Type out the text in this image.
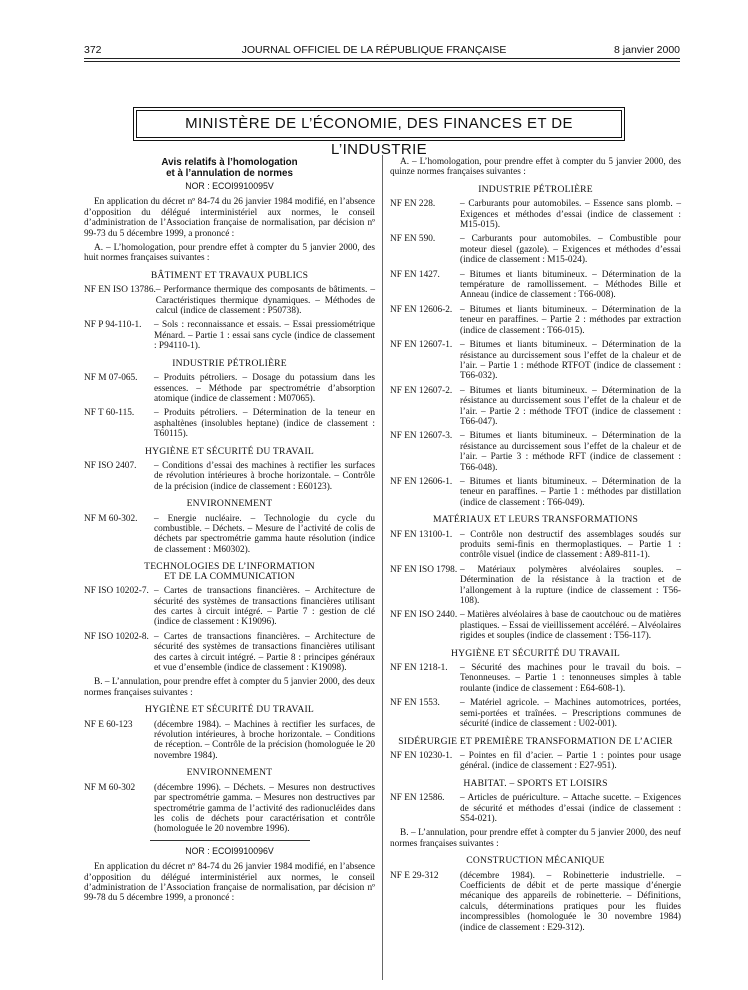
372	JOURNAL OFFICIEL DE LA RÉPUBLIQUE FRANÇAISE	8 janvier 2000
MINISTÈRE DE L’ÉCONOMIE, DES FINANCES ET DE L’INDUSTRIE
Avis relatifs à l’homologation
et à l’annulation de normes
NOR : ECOI9910095V

En application du décret nº 84-74 du 26 janvier 1984 modifié, en l’absence d’opposition du délégué interministériel aux normes, le conseil d’administration de l’Association française de normalisation, par décision nº 99-73 du 5 décembre 1999, a prononcé :

A. – L’homologation, pour prendre effet à compter du 5 janvier 2000, des huit normes françaises suivantes :

BÂTIMENT ET TRAVAUX PUBLICS
NF EN ISO 13786. – Performance thermique des composants de bâtiments. – Caractéristiques thermique dynamiques. – Méthodes de calcul (indice de classement : P50738).
NF P 94-110-1.	– Sols : reconnaissance et essais. – Essai pressiométrique Ménard. – Partie 1 : essai sans cycle (indice de classement : P94110-1).
INDUSTRIE PÉTROLIÈRE
NF M 07-065.	– Produits pétroliers. – Dosage du potassium dans les essences. – Méthode par spectrométrie d’absorption atomique (indice de classement : M07065).
NF T 60-115.	– Produits pétroliers. – Détermination de la teneur en asphaltènes (insolubles heptane) (indice de classement : T60115).
HYGIÈNE ET SÉCURITÉ DU TRAVAIL
NF ISO 2407.	– Conditions d’essai des machines à rectifier les surfaces de révolution intérieures à broche horizontale. – Contrôle de la précision (indice de classement : E60123).
ENVIRONNEMENT
NF M 60-302.	– Energie nucléaire. – Technologie du cycle du combustible. – Déchets. – Mesure de l’activité de colis de déchets par spectrométrie gamma haute résolution (indice de classement : M60302).
TECHNOLOGIES DE L’INFORMATION
ET DE LA COMMUNICATION
NF ISO 10202-7. – Cartes de transactions financières. – Architecture de sécurité des systèmes de transactions financières utilisant des cartes à circuit intégré. – Partie 7 : gestion de clé (indice de classement : K19096).
NF ISO 10202-8. – Cartes de transactions financières. – Architecture de sécurité des systèmes de transactions financières utilisant des cartes à circuit intégré. – Partie 8 : principes généraux et vue d’ensemble (indice de classement : K19098).

B. – L’annulation, pour prendre effet à compter du 5 janvier 2000, des deux normes françaises suivantes :

HYGIÈNE ET SÉCURITÉ DU TRAVAIL
NF E 60-123	(décembre 1984). – Machines à rectifier les surfaces, de révolution intérieures, à broche horizontale. – Conditions de réception. – Contrôle de la précision (homologuée le 20 novembre 1984).
ENVIRONNEMENT
NF M 60-302	(décembre 1996). – Déchets. – Mesures non destructives par spectrométrie gamma. – Mesures non destructives par spectrométrie gamma de l’activité des radionucléides dans les colis de déchets pour caractérisation et contrôle (homologuée le 20 novembre 1996).
NOR : ECOI9910096V

En application du décret nº 84-74 du 26 janvier 1984 modifié, en l’absence d’opposition du délégué interministériel aux normes, le conseil d’administration de l’Association française de normalisation, par décision nº 99-78 du 5 décembre 1999, a prononcé :

A. – L’homologation, pour prendre effet à compter du 5 janvier 2000, des quinze normes françaises suivantes :

INDUSTRIE PÉTROLIÈRE
NF EN 228.	– Carburants pour automobiles. – Essence sans plomb. – Exigences et méthodes d’essai (indice de classement : M15-015).
NF EN 590.	– Carburants pour automobiles. – Combustible pour moteur diesel (gazole). – Exigences et méthodes d’essai (indice de classement : M15-024).
NF EN 1427.	– Bitumes et liants bitumineux. – Détermination de la température de ramollissement. – Méthodes Bille et Anneau (indice de classement : T66-008).
NF EN 12606-2. – Bitumes et liants bitumineux. – Détermination de la teneur en paraffines. – Partie 2 : méthodes par extraction (indice de classement : T66-015).
NF EN 12607-1. – Bitumes et liants bitumineux. – Détermination de la résistance au durcissement sous l’effet de la chaleur et de l’air. – Partie 1 : méthode RTFOT (indice de classement : T66-032).
NF EN 12607-2. – Bitumes et liants bitumineux. – Détermination de la résistance au durcissement sous l’effet de la chaleur et de l’air. – Partie 2 : méthode TFOT (indice de classement : T66-047).
NF EN 12607-3. – Bitumes et liants bitumineux. – Détermination de la résistance au durcissement sous l’effet de la chaleur et de l’air. – Partie 3 : méthode RFT (indice de classement : T66-048).
NF EN 12606-1. – Bitumes et liants bitumineux. – Détermination de la teneur en paraffines. – Partie 1 : méthodes par distillation (indice de classement : T66-049).
MATÉRIAUX ET LEURS TRANSFORMATIONS
NF EN 13100-1. – Contrôle non destructif des assemblages soudés sur produits semi-finis en thermoplastiques. – Partie 1 : contrôle visuel (indice de classement : A89-811-1).
NF EN ISO 1798. – Matériaux polymères alvéolaires souples. – Détermination de la résistance à la traction et de l’allongement à la rupture (indice de classement : T56-108).
NF EN ISO 2440. – Matières alvéolaires à base de caoutchouc ou de matières plastiques. – Essai de vieillissement accéléré. – Alvéolaires rigides et souples (indice de classement : T56-117).
HYGIÈNE ET SÉCURITÉ DU TRAVAIL
NF EN 1218-1.	– Sécurité des machines pour le travail du bois. – Tenonneuses. – Partie 1 : tenonneuses simples à table roulante (indice de classement : E64-608-1).
NF EN 1553.	– Matériel agricole. – Machines automotrices, portées, semi-portées et traînées. – Prescriptions communes de sécurité (indice de classement : U02-001).
SIDÉRURGIE ET PREMIÈRE TRANSFORMATION DE L’ACIER
NF EN 10230-1. – Pointes en fil d’acier. – Partie 1 : pointes pour usage général. (indice de classement : E27-951).
HABITAT. – SPORTS ET LOISIRS
NF EN 12586.	– Articles de puériculture. – Attache sucette. – Exigences de sécurité et méthodes d’essai (indice de classement : S54-021).

B. – L’annulation, pour prendre effet à compter du 5 janvier 2000, des neuf normes françaises suivantes :

CONSTRUCTION MÉCANIQUE
NF E 29-312	(décembre 1984). – Robinetterie industrielle. – Coefficients de débit et de perte massique d’énergie mécanique des appareils de robinetterie. – Définitions, calculs, déterminations pratiques pour les fluides incompressibles (homologuée le 30 novembre 1984) (indice de classement : E29-312).
